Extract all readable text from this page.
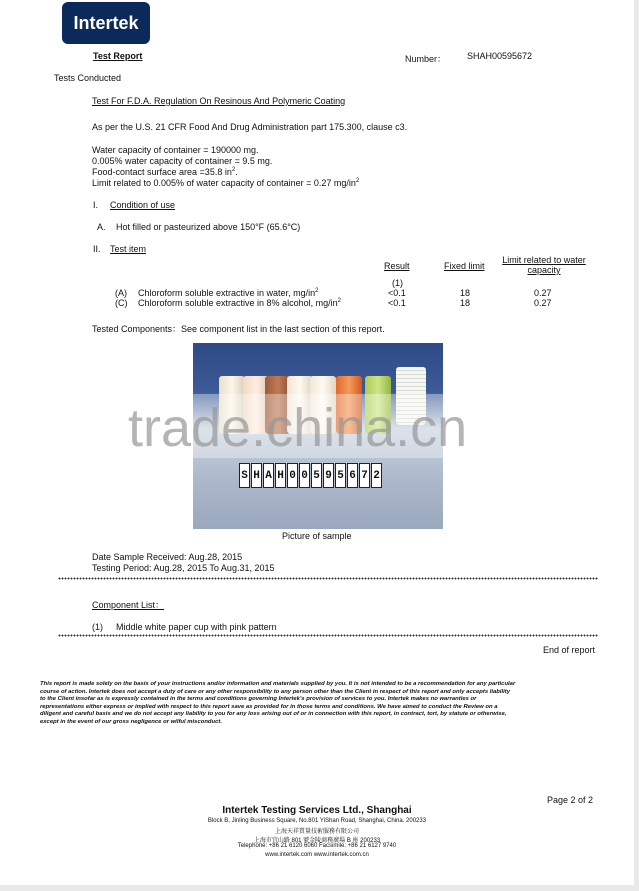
Intertek
Test Report	Number： SHAH00595672
Tests Conducted
Test For F.D.A. Regulation On Resinous And Polymeric Coating
As per the U.S. 21 CFR Food And Drug Administration part 175.300, clause c3.
Water capacity of container = 190000 mg.
0.005% water capacity of container = 9.5 mg.
Food-contact surface area =35.8 $in^2$.
Limit related to 0.005% of water capacity of container = 0.27 $mg/in^2$
I. Condition of use
A. Hot filled or pasteurized above 150°F (65.6°C)
II. Test item
Result	Fixed limit
Limit related to water
capacity
(1)
(A) Chloroform soluble extractive in water, $mg/in^2$	<0.1	18	0.27
(C) Chloroform soluble extractive in 8% alcohol, $mg/in^2$	<0.1	18	0.27
Tested Components：See component list in the last section of this report.
S H A H 0 0 5 9 5 6 7 2
Picture of sample
trade.china.cn
Date Sample Received: Aug.28, 2015
Testing Period: Aug.28, 2015 To Aug.31, 2015
Component List：
(1) Middle white paper cup with pink pattern
End of report

This report is made solely on the basis of your instructions and/or information and materials supplied by you. It is not intended to be a recommendation for any particular

course of action. Intertek does not accept a duty of care or any other responsibility to any person other than the Client in respect of this report and only accepts liability

to the Client insofar as is expressly contained in the terms and conditions governing Intertek's provision of services to you. Intertek makes no warranties or

representations either express or implied with respect to this report save as provided for in those terms and conditions. We have aimed to conduct the Review on a

diligent and careful basis and we do not accept any liability to you for any loss arising out of or in connection with this report, in contract, tort, by statute or otherwise,

except in the event of our gross negligence or wilful misconduct.

Page 2 of 2
Intertek Testing Services Ltd., Shanghai
Block B, Jinling Business Square, No.801 YiShan Road, Shanghai, China. 200233
上海天祥質量技術服務有限公司
上海市宜山路 801 號金陵商務廣場 B 座 200233
Telephone: +86 21 6120 6060 Facsimile: +86 21 6127 9740
www.intertek.com www.intertek.com.cn
